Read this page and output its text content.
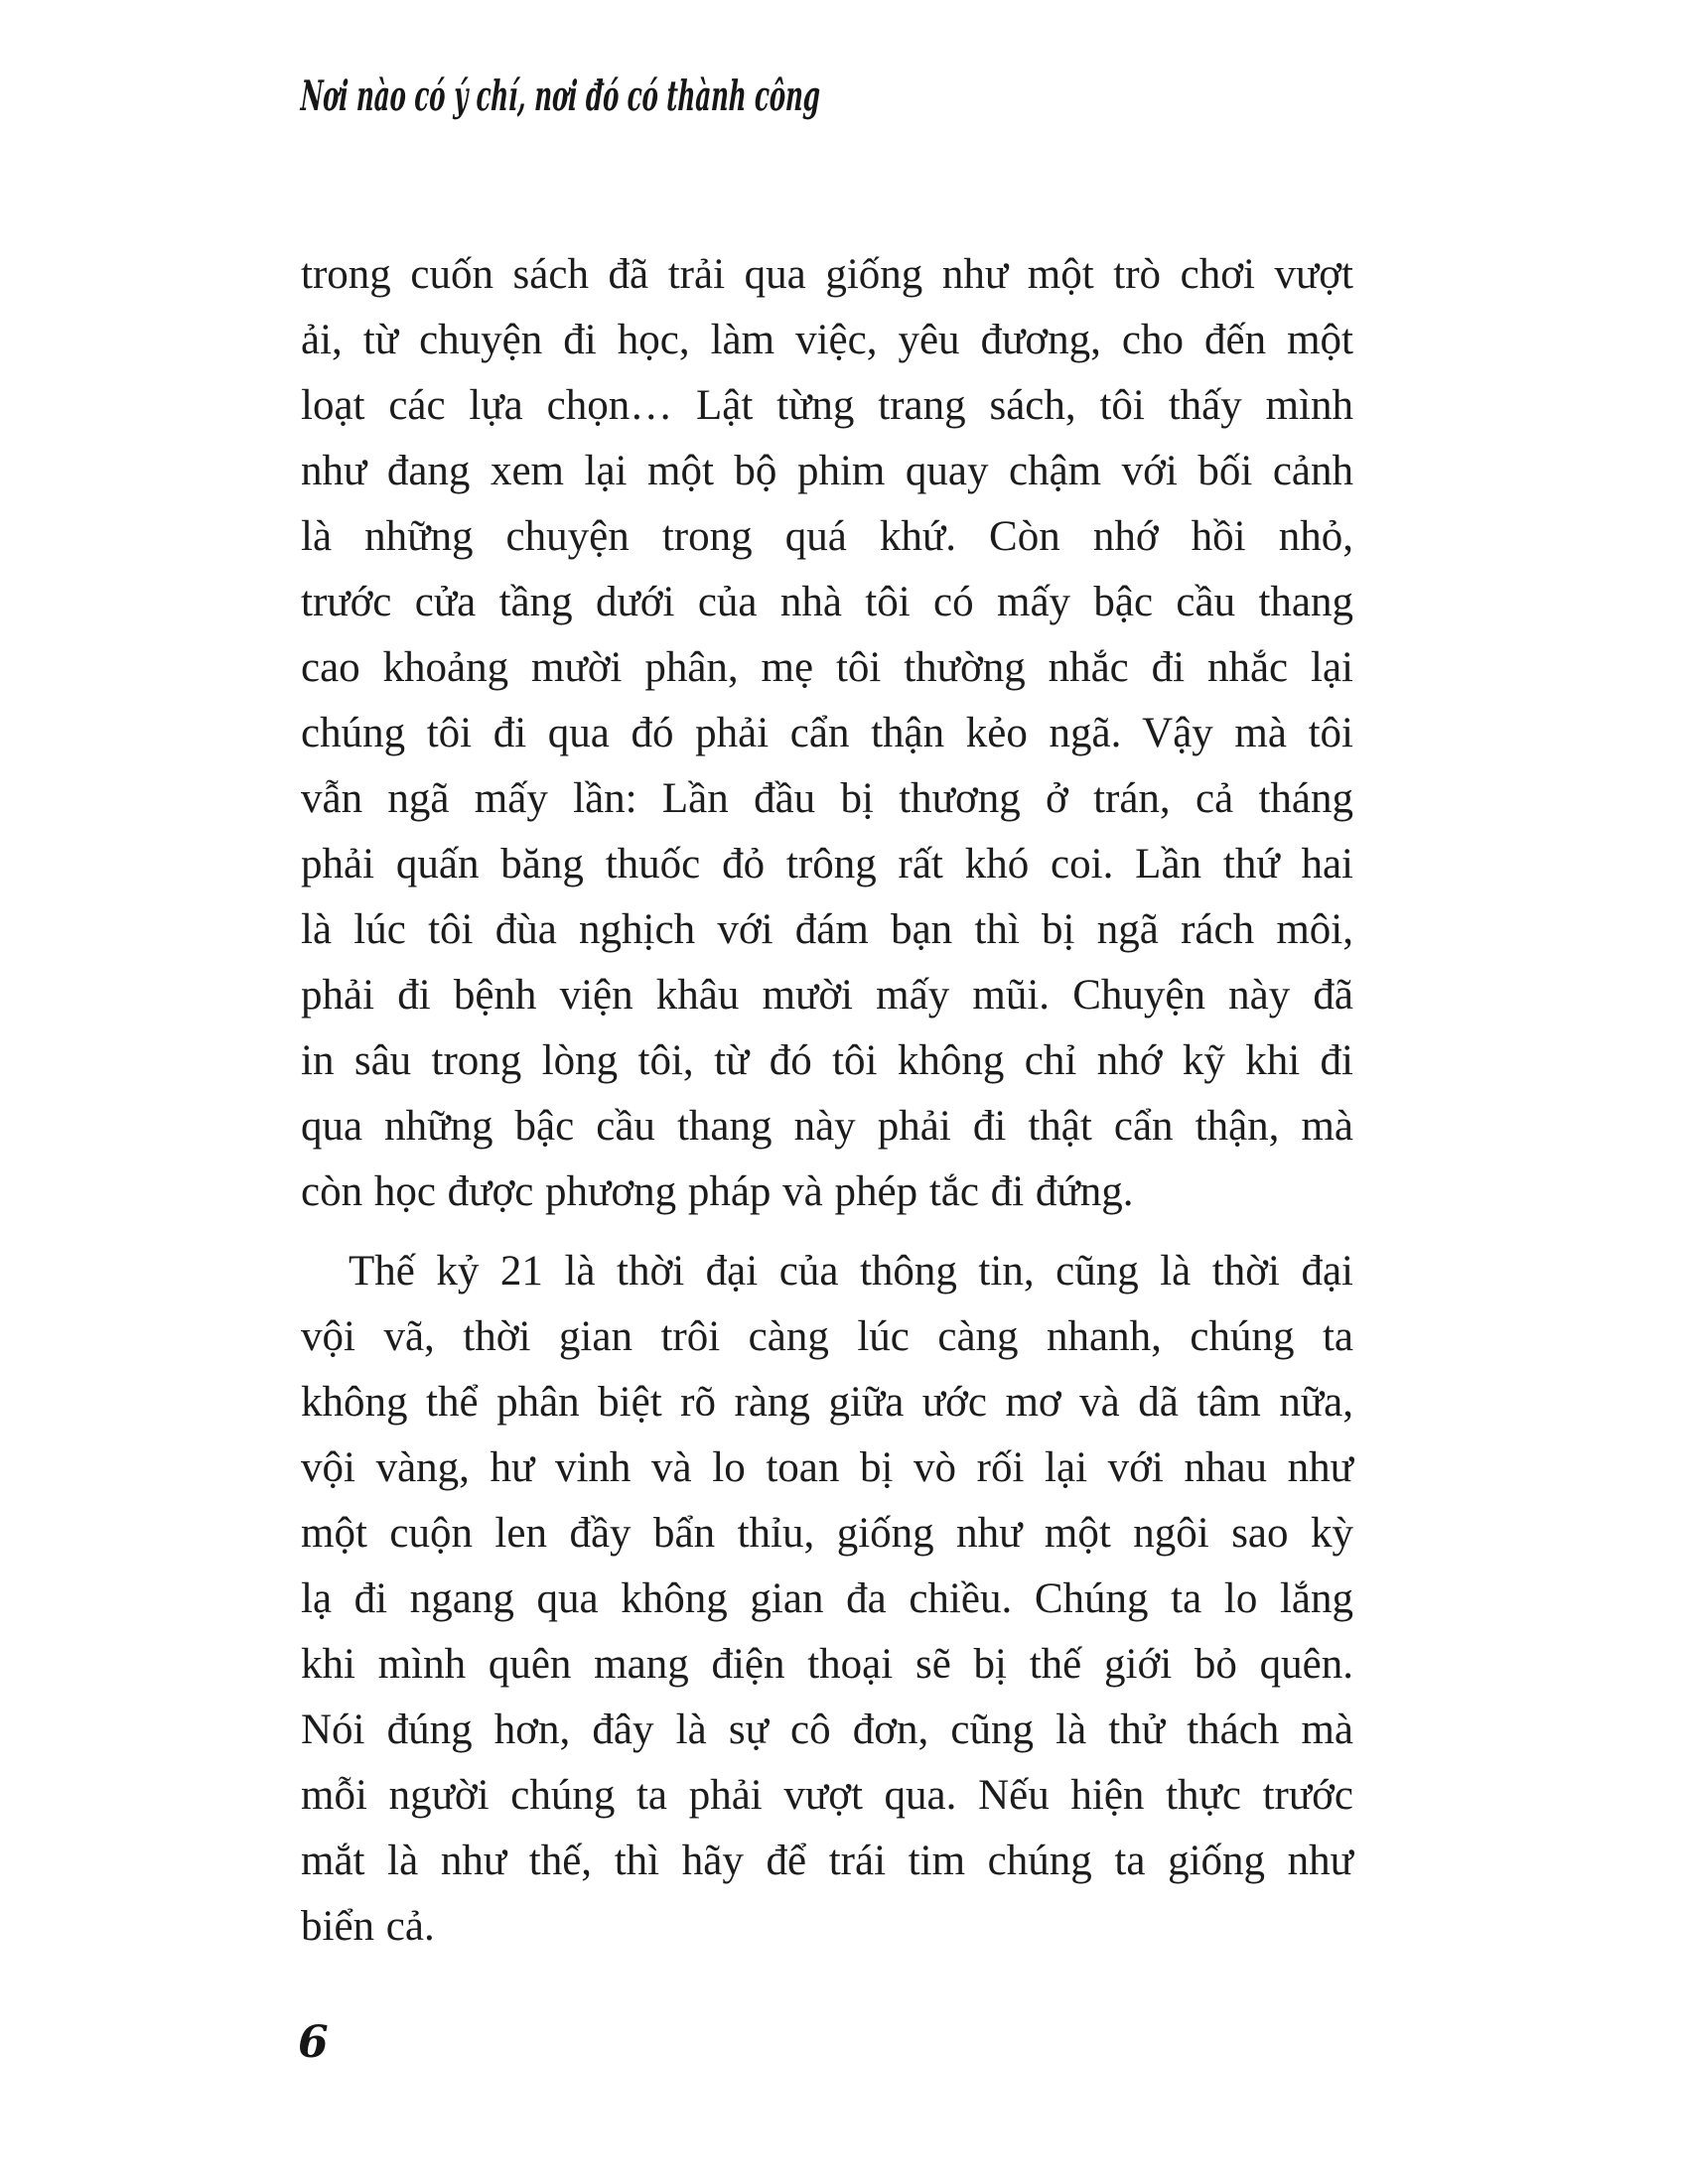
Nơi nào có ý chí, nơi đó có thành công
trong cuốn sách đã trải qua giống như một trò chơi vượt
ải, từ chuyện đi học, làm việc, yêu đương, cho đến một
loạt các lựa chọn… Lật từng trang sách, tôi thấy mình
như đang xem lại một bộ phim quay chậm với bối cảnh
là những chuyện trong quá khứ. Còn nhớ hồi nhỏ,
trước cửa tầng dưới của nhà tôi có mấy bậc cầu thang
cao khoảng mười phân, mẹ tôi thường nhắc đi nhắc lại
chúng tôi đi qua đó phải cẩn thận kẻo ngã. Vậy mà tôi
vẫn ngã mấy lần: Lần đầu bị thương ở trán, cả tháng
phải quấn băng thuốc đỏ trông rất khó coi. Lần thứ hai
là lúc tôi đùa nghịch với đám bạn thì bị ngã rách môi,
phải đi bệnh viện khâu mười mấy mũi. Chuyện này đã
in sâu trong lòng tôi, từ đó tôi không chỉ nhớ kỹ khi đi
qua những bậc cầu thang này phải đi thật cẩn thận, mà
còn học được phương pháp và phép tắc đi đứng.
Thế kỷ 21 là thời đại của thông tin, cũng là thời đại
vội vã, thời gian trôi càng lúc càng nhanh, chúng ta
không thể phân biệt rõ ràng giữa ước mơ và dã tâm nữa,
vội vàng, hư vinh và lo toan bị vò rối lại với nhau như
một cuộn len đầy bẩn thỉu, giống như một ngôi sao kỳ
lạ đi ngang qua không gian đa chiều. Chúng ta lo lắng
khi mình quên mang điện thoại sẽ bị thế giới bỏ quên.
Nói đúng hơn, đây là sự cô đơn, cũng là thử thách mà
mỗi người chúng ta phải vượt qua. Nếu hiện thực trước
mắt là như thế, thì hãy để trái tim chúng ta giống như
biển cả.
6
